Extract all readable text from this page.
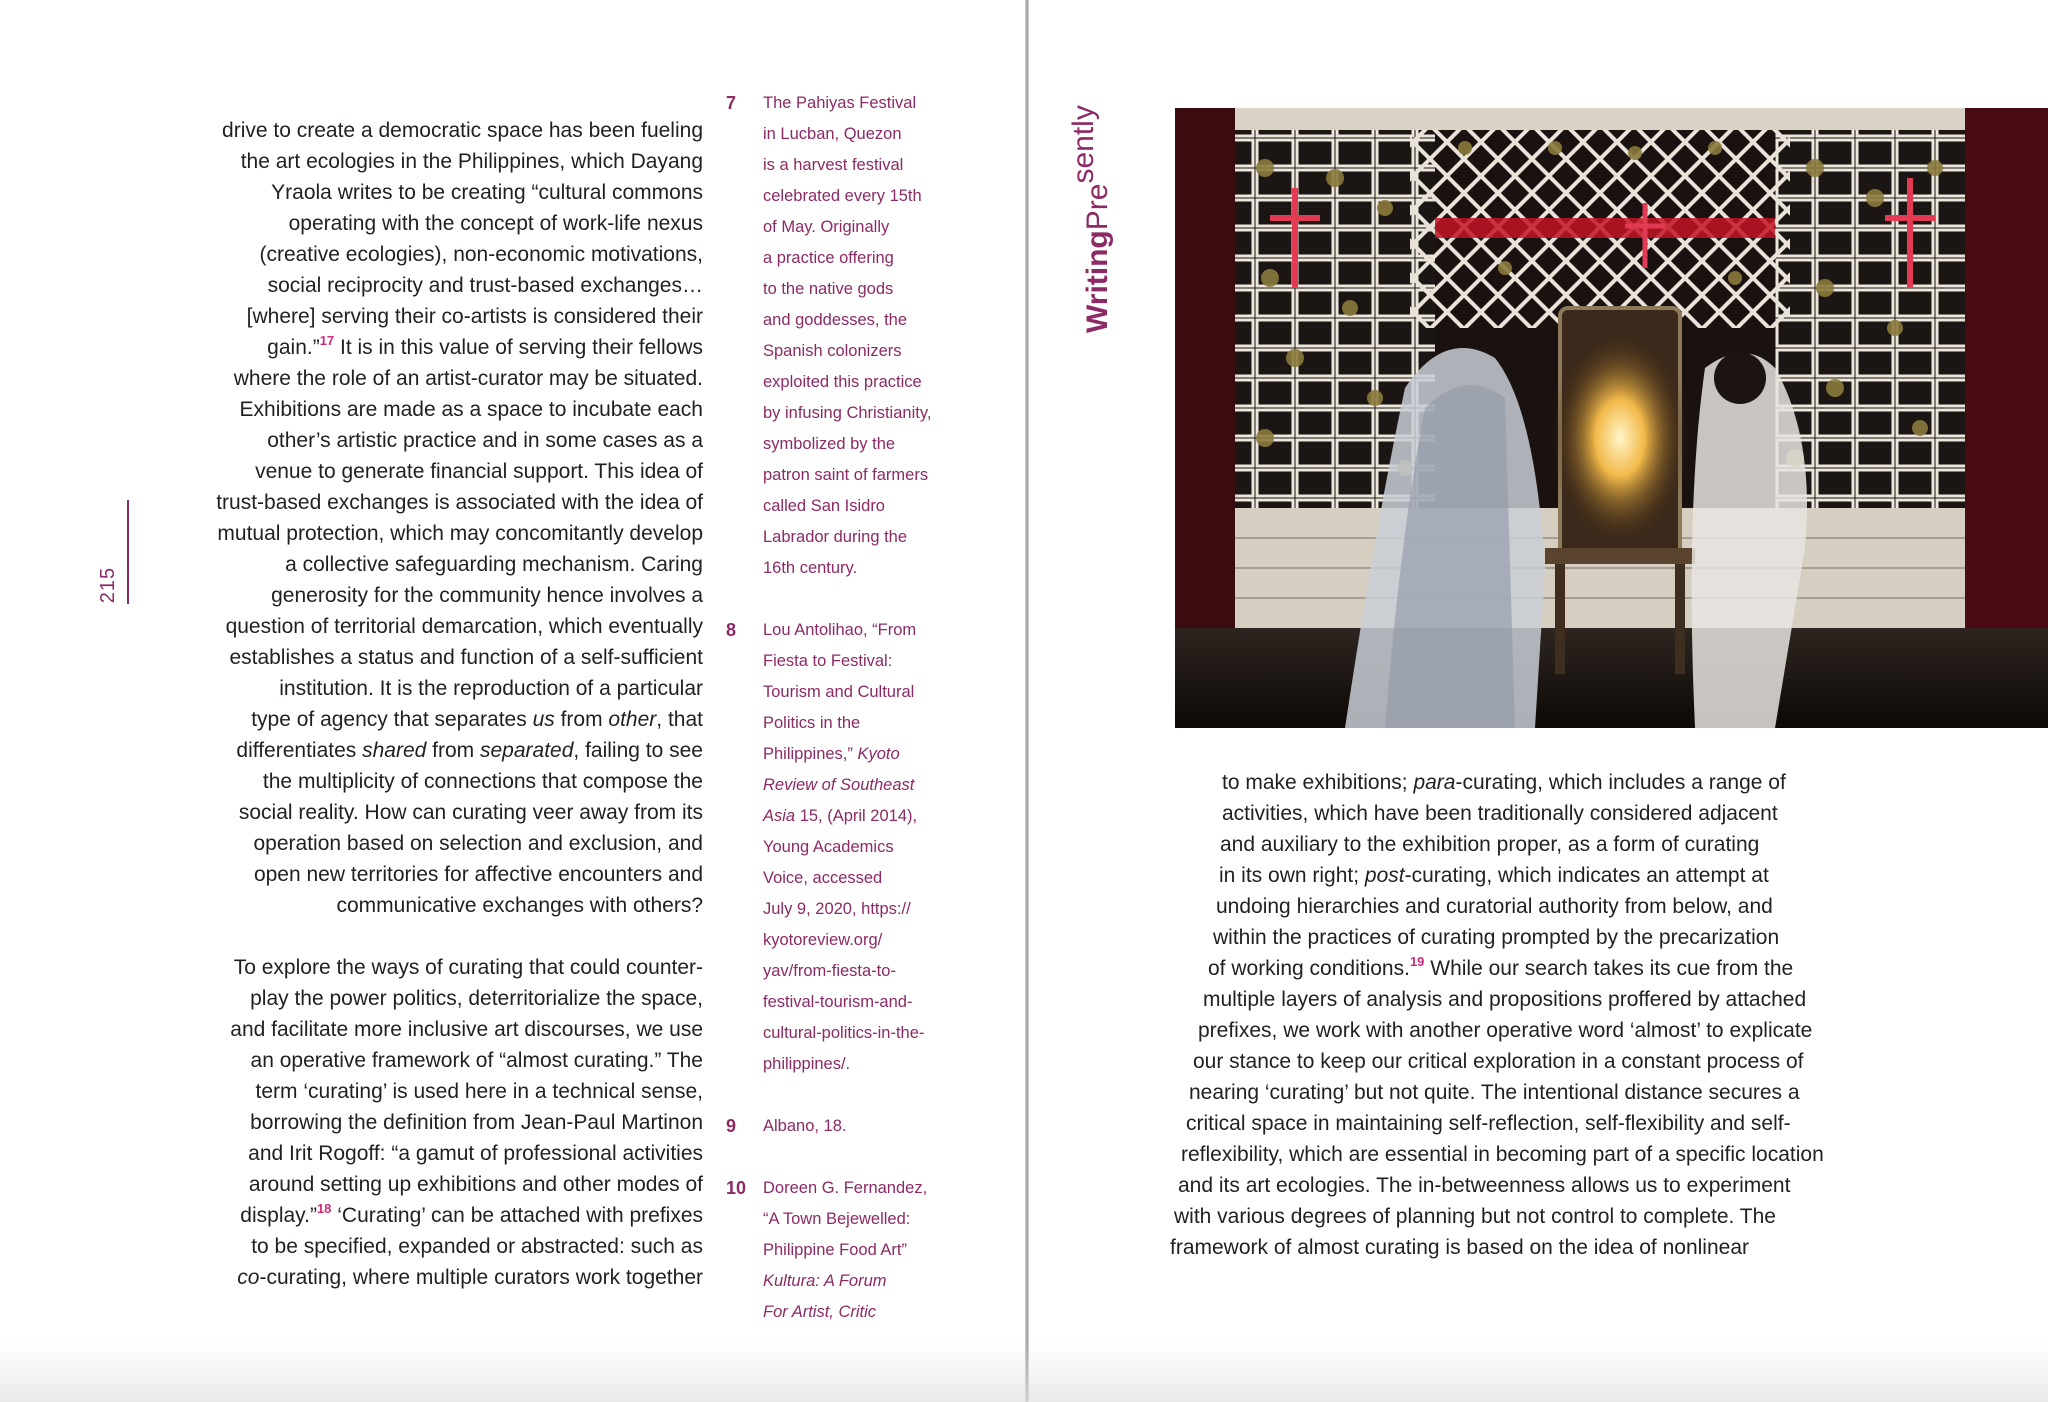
215

drive to create a democratic space has been fueling
the art ecologies in the Philippines, which Dayang
Yraola writes to be creating “cultural commons
operating with the concept of work-life nexus
(creative ecologies), non-economic motivations,
social reciprocity and trust-based exchanges…
[where] serving their co-artists is considered their
gain.”$^{17}$ It is in this value of serving their fellows
where the role of an artist-curator may be situated.
Exhibitions are made as a space to incubate each
other’s artistic practice and in some cases as a
venue to generate financial support. This idea of
trust-based exchanges is associated with the idea of
mutual protection, which may concomitantly develop
a collective safeguarding mechanism. Caring
generosity for the community hence involves a
question of territorial demarcation, which eventually
establishes a status and function of a self-sufficient
institution. It is the reproduction of a particular
type of agency that separates us from other, that
differentiates shared from separated, failing to see
the multiplicity of connections that compose the
social reality. How can curating veer away from its
operation based on selection and exclusion, and
open new territories for affective encounters and
communicative exchanges with others?

To explore the ways of curating that could counter-
play the power politics, deterritorialize the space,
and facilitate more inclusive art discourses, we use
an operative framework of “almost curating.” The
term ‘curating’ is used here in a technical sense,
borrowing the definition from Jean-Paul Martinon
and Irit Rogoff: “a gamut of professional activities
around setting up exhibitions and other modes of
display.”$^{18}$ ‘Curating’ can be attached with prefixes
to be specified, expanded or abstracted: such as
co-curating, where multiple curators work together

7	The Pahiyas Festival
in Lucban, Quezon
is a harvest festival
celebrated every 15th
of May. Originally
a practice offering
to the native gods
and goddesses, the
Spanish colonizers
exploited this practice
by infusing Christianity,
symbolized by the
patron saint of farmers
called San Isidro
Labrador during the
16th century.
8	Lou Antolihao, “From
Fiesta to Festival:
Tourism and Cultural
Politics in the
Philippines,” Kyoto
Review of Southeast
Asia 15, (April 2014),
Young Academics
Voice, accessed
July 9, 2020, https://
kyotoreview.org/
yav/from-fiesta-to-
festival-tourism-and-
cultural-politics-in-the-
philippines/.
9	Albano, 18.
10	Doreen G. Fernandez,
“A Town Bejewelled:
Philippine Food Art”
Kultura: A Forum
For Artist, Critic
WritingPresently

to make exhibitions; para-curating, which includes a range of
activities, which have been traditionally considered adjacent
and auxiliary to the exhibition proper, as a form of curating
in its own right; post-curating, which indicates an attempt at
undoing hierarchies and curatorial authority from below, and
within the practices of curating prompted by the precarization
of working conditions.$^{19}$ While our search takes its cue from the
multiple layers of analysis and propositions proffered by attached
prefixes, we work with another operative word ‘almost’ to explicate
our stance to keep our critical exploration in a constant process of
nearing ‘curating’ but not quite. The intentional distance secures a
critical space in maintaining self-reflection, self-flexibility and self-
reflexibility, which are essential in becoming part of a specific location
and its art ecologies. The in-betweenness allows us to experiment
with various degrees of planning but not control to complete. The
framework of almost curating is based on the idea of nonlinear
